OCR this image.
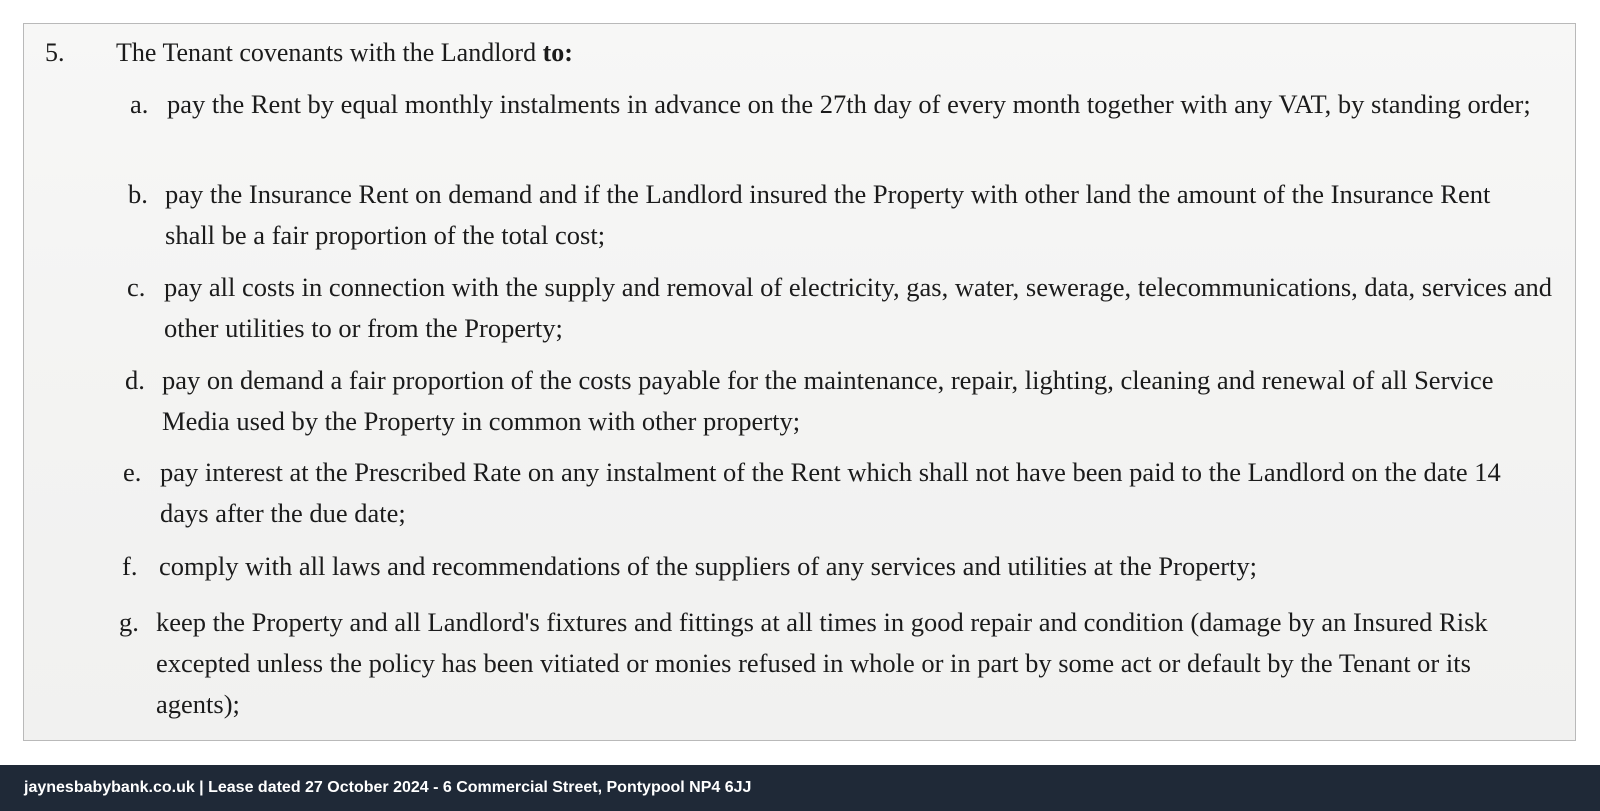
5. The Tenant covenants with the Landlord to:
a. pay the Rent by equal monthly instalments in advance on the 27th day of every month together with any VAT, by standing order;
b. pay the Insurance Rent on demand and if the Landlord insured the Property with other land the amount of the Insurance Rent shall be a fair proportion of the total cost;
c. pay all costs in connection with the supply and removal of electricity, gas, water, sewerage, telecommunications, data, services and other utilities to or from the Property;
d. pay on demand a fair proportion of the costs payable for the maintenance, repair, lighting, cleaning and renewal of all Service Media used by the Property in common with other property;
e. pay interest at the Prescribed Rate on any instalment of the Rent which shall not have been paid to the Landlord on the date 14 days after the due date;
f. comply with all laws and recommendations of the suppliers of any services and utilities at the Property;
g. keep the Property and all Landlord's fixtures and fittings at all times in good repair and condition (damage by an Insured Risk excepted unless the policy has been vitiated or monies refused in whole or in part by some act or default by the Tenant or its agents);
jaynesbabybank.co.uk | Lease dated 27 October 2024 - 6 Commercial Street, Pontypool NP4 6JJ
